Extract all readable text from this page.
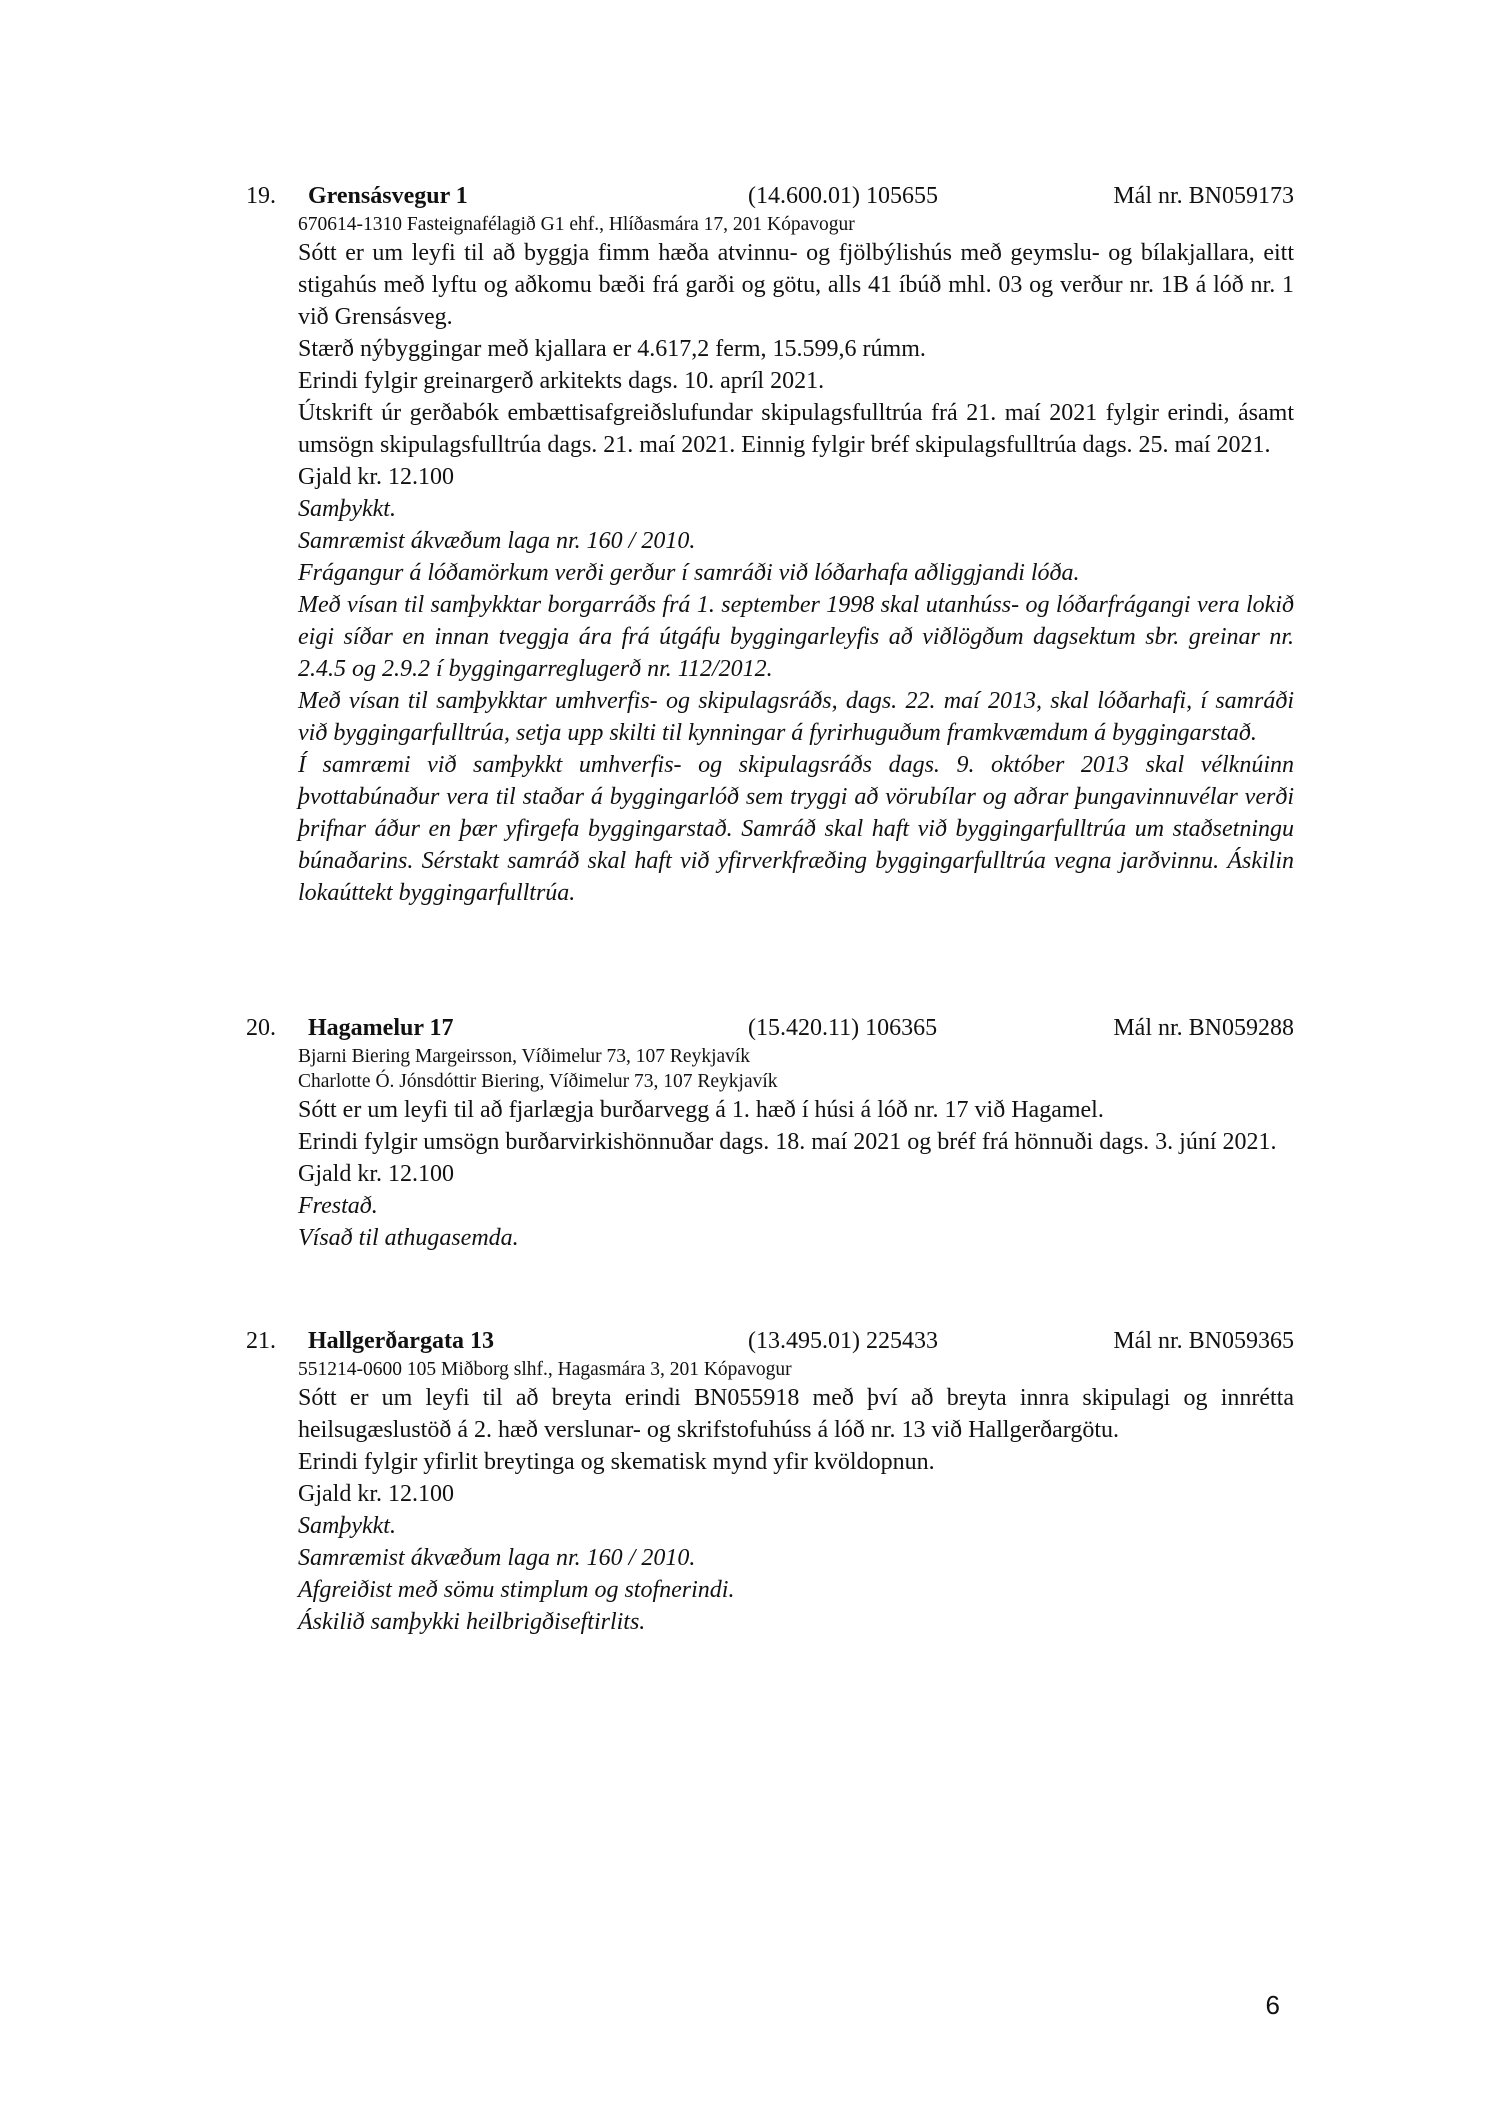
19. Grensásvegur 1	(14.600.01) 105655	Mál nr. BN059173
670614-1310 Fasteignafélagið G1 ehf., Hlíðasmára 17, 201 Kópavogur

Sótt er um leyfi til að byggja fimm hæða atvinnu- og fjölbýlishús með geymslu- og bílakjallara, eitt stigahús með lyftu og aðkomu bæði frá garði og götu, alls 41 íbúð mhl. 03 og verður nr. 1B á lóð nr. 1 við Grensásveg.

Stærð nýbyggingar með kjallara er 4.617,2 ferm, 15.599,6 rúmm.

Erindi fylgir greinargerð arkitekts dags. 10. apríl 2021.

Útskrift úr gerðabók embættisafgreiðslufundar skipulagsfulltrúa frá 21. maí 2021 fylgir erindi, ásamt umsögn skipulagsfulltrúa dags. 21. maí 2021. Einnig fylgir bréf skipulagsfulltrúa dags. 25. maí 2021.

Gjald kr. 12.100

Samþykkt.

Samræmist ákvæðum laga nr. 160 / 2010.

Frágangur á lóðamörkum verði gerður í samráði við lóðarhafa aðliggjandi lóða.

Með vísan til samþykktar borgarráðs frá 1. september 1998 skal utanhúss- og lóðarfrágangi vera lokið eigi síðar en innan tveggja ára frá útgáfu byggingarleyfis að viðlögðum dagsektum sbr. greinar nr. 2.4.5 og 2.9.2 í byggingarreglugerð nr. 112/2012.

Með vísan til samþykktar umhverfis- og skipulagsráðs, dags. 22. maí 2013, skal lóðarhafi, í samráði við byggingarfulltrúa, setja upp skilti til kynningar á fyrirhuguðum framkvæmdum á byggingarstað.

Í samræmi við samþykkt umhverfis- og skipulagsráðs dags. 9. október 2013 skal vélknúinn þvottabúnaður vera til staðar á byggingarlóð sem tryggi að vörubílar og aðrar þungavinnuvélar verði þrifnar áður en þær yfirgefa byggingarstað. Samráð skal haft við byggingarfulltrúa um staðsetningu búnaðarins. Sérstakt samráð skal haft við yfirverkfræðing byggingarfulltrúa vegna jarðvinnu. Áskilin lokaúttekt byggingarfulltrúa.

20. Hagamelur 17	(15.420.11) 106365	Mál nr. BN059288
Bjarni Biering Margeirsson, Víðimelur 73, 107 Reykjavík
Charlotte Ó. Jónsdóttir Biering, Víðimelur 73, 107 Reykjavík

Sótt er um leyfi til að fjarlægja burðarvegg á 1. hæð í húsi á lóð nr. 17 við Hagamel.

Erindi fylgir umsögn burðarvirkishönnuðar dags. 18. maí 2021 og bréf frá hönnuði dags. 3. júní 2021.

Gjald kr. 12.100

Frestað.

Vísað til athugasemda.

21. Hallgerðargata 13	(13.495.01) 225433	Mál nr. BN059365
551214-0600 105 Miðborg slhf., Hagasmára 3, 201 Kópavogur

Sótt er um leyfi til að breyta erindi BN055918 með því að breyta innra skipulagi og innrétta heilsugæslustöð á 2. hæð verslunar- og skrifstofuhúss á lóð nr. 13 við Hallgerðargötu.

Erindi fylgir yfirlit breytinga og skematisk mynd yfir kvöldopnun.

Gjald kr. 12.100

Samþykkt.

Samræmist ákvæðum laga nr. 160 / 2010.

Afgreiðist með sömu stimplum og stofnerindi.

Áskilið samþykki heilbrigðiseftirlits.

6
